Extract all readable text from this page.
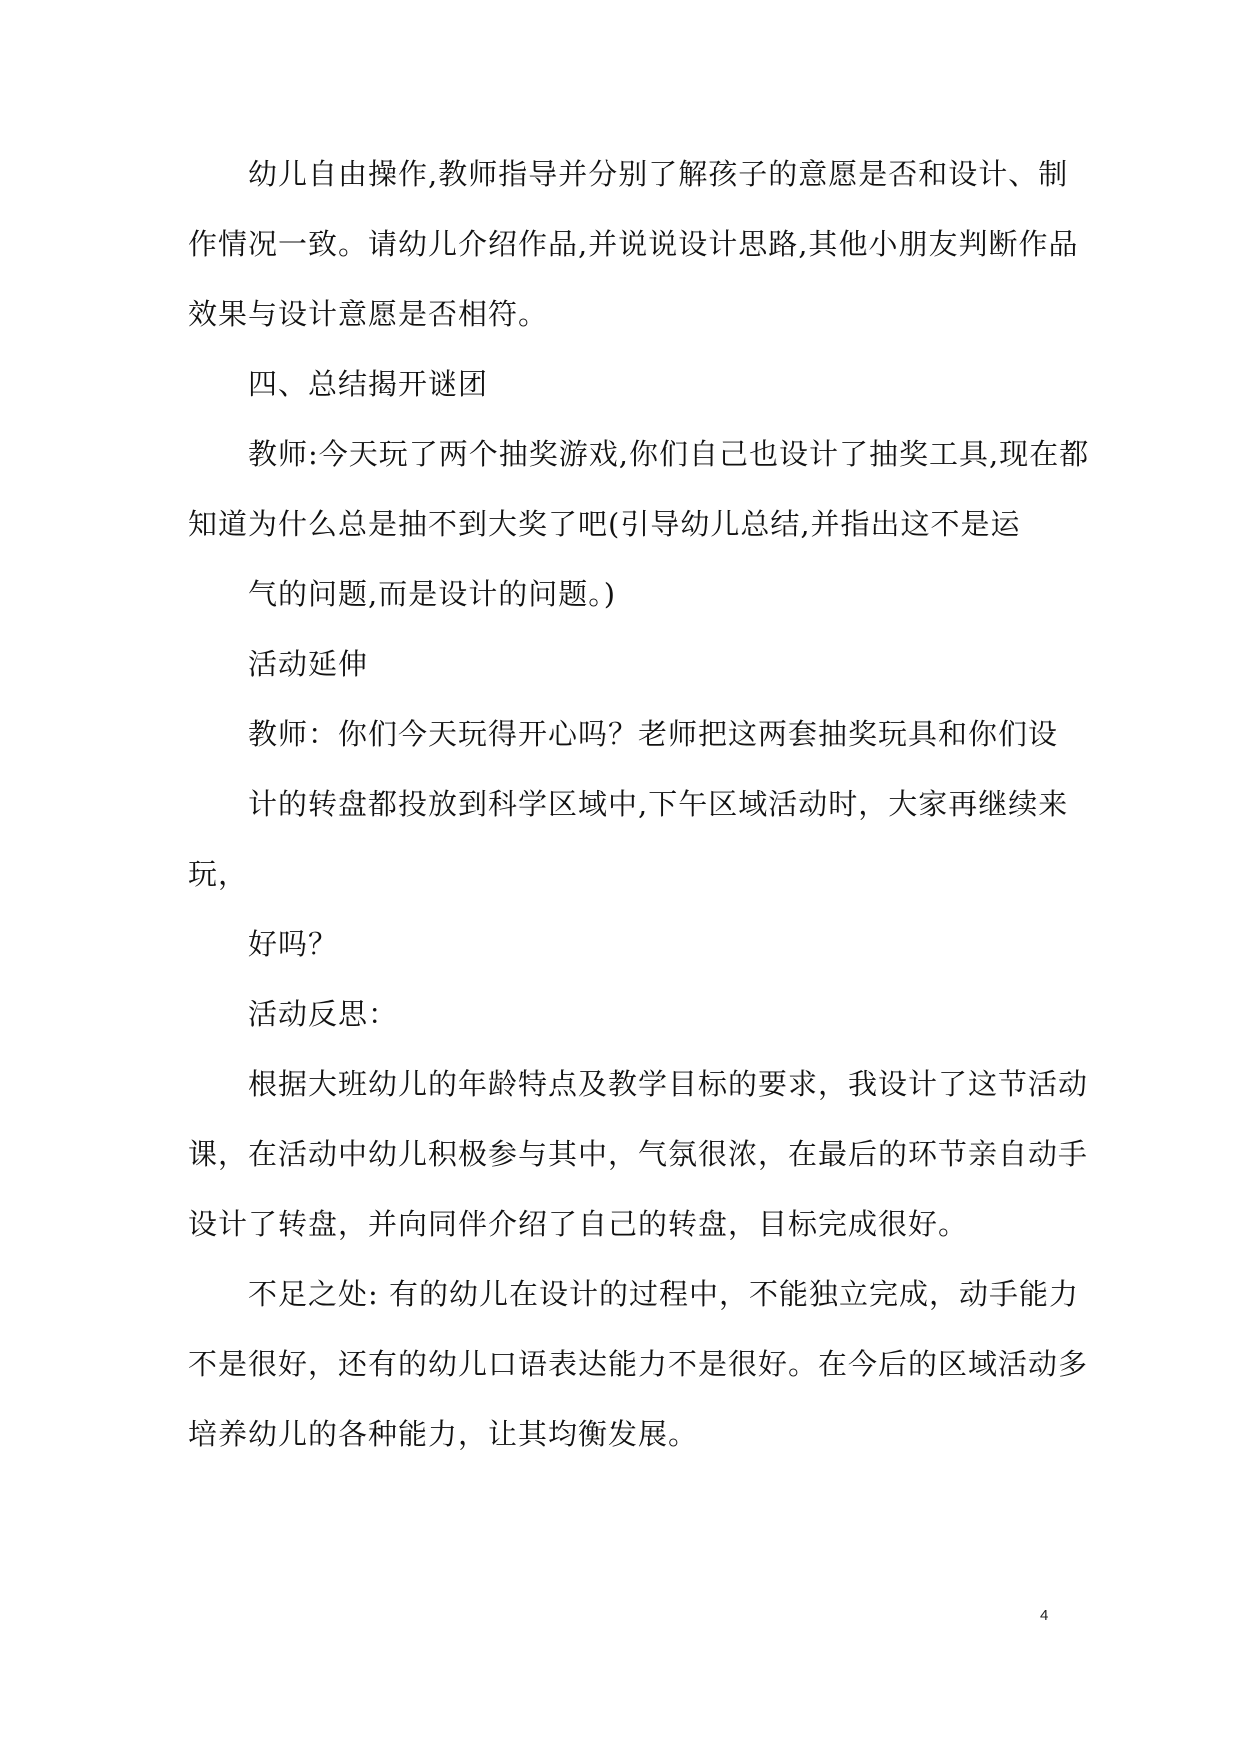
幼儿自由操作,教师指导并分别了解孩子的意愿是否和设计、制
作情况一致。请幼儿介绍作品,并说说设计思路,其他小朋友判断作品
效果与设计意愿是否相符。
四、总结揭开谜团
教师:今天玩了两个抽奖游戏,你们自己也设计了抽奖工具,现在都
知道为什么总是抽不到大奖了吧(引导幼儿总结,并指出这不是运
气的问题,而是设计的问题。)
活动延伸
教师：你们今天玩得开心吗？老师把这两套抽奖玩具和你们设
计的转盘都投放到科学区域中,下午区域活动时，大家再继续来
玩，
好吗？
活动反思：
根据大班幼儿的年龄特点及教学目标的要求，我设计了这节活动
课，在活动中幼儿积极参与其中，气氛很浓，在最后的环节亲自动手
设计了转盘，并向同伴介绍了自己的转盘，目标完成很好。
不足之处: 有的幼儿在设计的过程中，不能独立完成，动手能力
不是很好，还有的幼儿口语表达能力不是很好。在今后的区域活动多
培养幼儿的各种能力，让其均衡发展。
4
